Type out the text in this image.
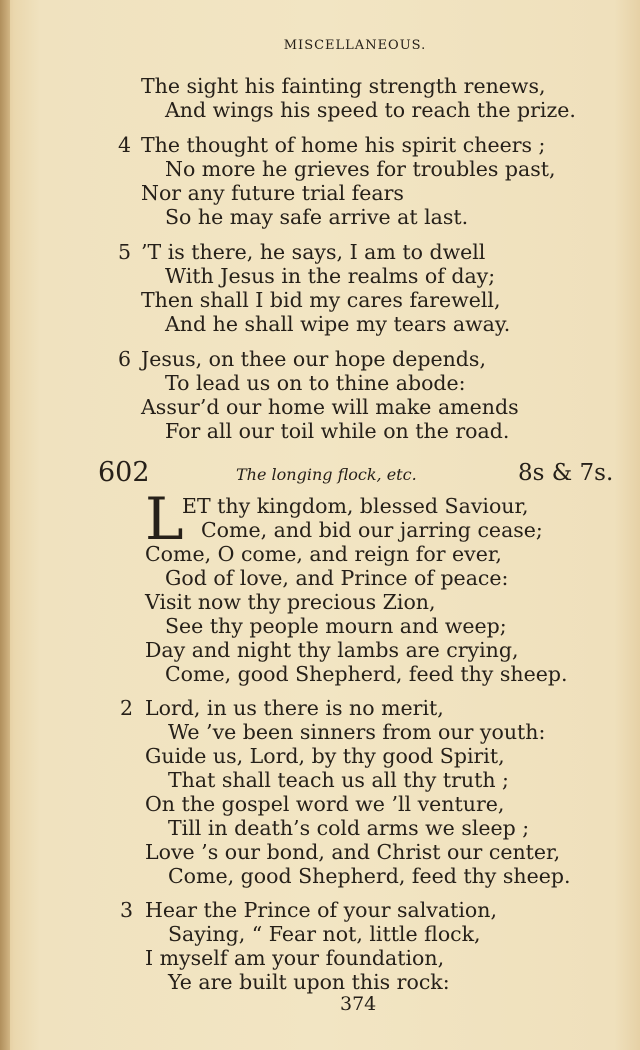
MISCELLANEOUS.
The sight his fainting strength renews,
And wings his speed to reach the prize.
4 The thought of home his spirit cheers ;
No more he grieves for troubles past,
Nor any future trial fears
So he may safe arrive at last.
5 ’T is there, he says, I am to dwell
With Jesus in the realms of day;
Then shall I bid my cares farewell,
And he shall wipe my tears away.
6 Jesus, on thee our hope depends,
To lead us on to thine abode:
Assur’d our home will make amends
For all our toil while on the road.
602	The longing flock, etc.	8s & 7s.
L
ET thy kingdom, blessed Saviour,
Come, and bid our jarring cease;
Come, O come, and reign for ever,
God of love, and Prince of peace:
Visit now thy precious Zion,
See thy people mourn and weep;
Day and night thy lambs are crying,
Come, good Shepherd, feed thy sheep.
2 Lord, in us there is no merit,
We ’ve been sinners from our youth:
Guide us, Lord, by thy good Spirit,
That shall teach us all thy truth ;
On the gospel word we ’ll venture,
Till in death’s cold arms we sleep ;
Love ’s our bond, and Christ our center,
Come, good Shepherd, feed thy sheep.
3 Hear the Prince of your salvation,
Saying, “ Fear not, little flock,
I myself am your foundation,
Ye are built upon this rock:
374
